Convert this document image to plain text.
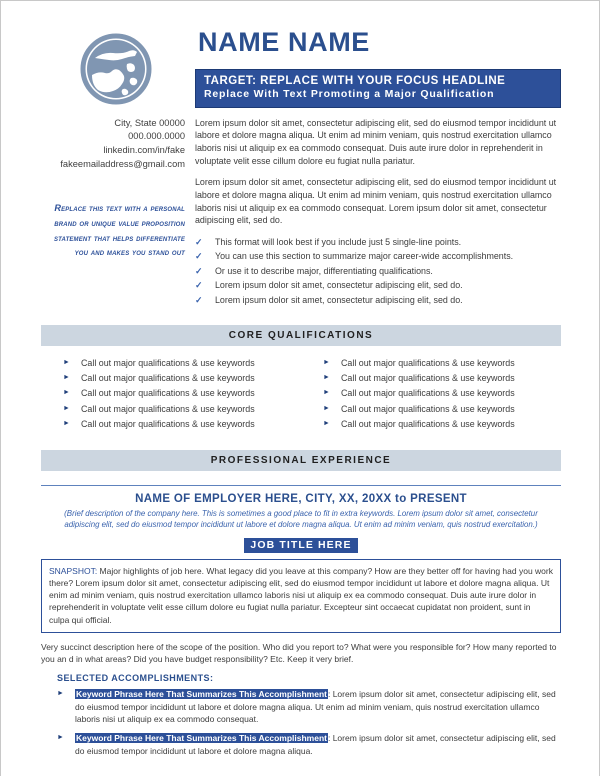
NAME NAME
TARGET: REPLACE WITH YOUR FOCUS HEADLINE
Replace With Text Promoting a Major Qualification
City, State 00000
000.000.0000
linkedin.com/in/fake
fakeemailaddress@gmail.com
Replace this text with a personal brand or unique value proposition statement that helps differentiate you and makes you stand out
Lorem ipsum dolor sit amet, consectetur adipiscing elit, sed do eiusmod tempor incididunt ut labore et dolore magna aliqua. Ut enim ad minim veniam, quis nostrud exercitation ullamco laboris nisi ut aliquip ex ea commodo consequat. Duis aute irure dolor in reprehenderit in voluptate velit esse cillum dolore eu fugiat nulla pariatur.
Lorem ipsum dolor sit amet, consectetur adipiscing elit, sed do eiusmod tempor incididunt ut labore et dolore magna aliqua. Ut enim ad minim veniam, quis nostrud exercitation ullamco laboris nisi ut aliquip ex ea commodo consequat. Lorem ipsum dolor sit amet, consectetur adipiscing elit, sed do.
✓	This format will look best if you include just 5 single-line points.
✓	You can use this section to summarize major career-wide accomplishments.
✓	Or use it to describe major, differentiating qualifications.
✓	Lorem ipsum dolor sit amet, consectetur adipiscing elit, sed do.
✓	Lorem ipsum dolor sit amet, consectetur adipiscing elit, sed do.
CORE QUALIFICATIONS
►	Call out major qualifications & use keywords
►	Call out major qualifications & use keywords
►	Call out major qualifications & use keywords
►	Call out major qualifications & use keywords
►	Call out major qualifications & use keywords
►	Call out major qualifications & use keywords
►	Call out major qualifications & use keywords
►	Call out major qualifications & use keywords
►	Call out major qualifications & use keywords
►	Call out major qualifications & use keywords
PROFESSIONAL EXPERIENCE
NAME OF EMPLOYER HERE, CITY, XX, 20XX to PRESENT
(Brief description of the company here. This is sometimes a good place to fit in extra keywords. Lorem ipsum dolor sit amet, consectetur adipiscing elit, sed do eiusmod tempor incididunt ut labore et dolore magna aliqua. Ut enim ad minim veniam, quis nostrud exercitation.)
JOB TITLE HERE
SNAPSHOT: Major highlights of job here. What legacy did you leave at this company? How are they better off for having had you work there? Lorem ipsum dolor sit amet, consectetur adipiscing elit, sed do eiusmod tempor incididunt ut labore et dolore magna aliqua. Ut enim ad minim veniam, quis nostrud exercitation ullamco laboris nisi ut aliquip ex ea commodo consequat. Duis aute irure dolor in reprehenderit in voluptate velit esse cillum dolore eu fugiat nulla pariatur. Excepteur sint occaecat cupidatat non proident, sunt in culpa qui official.
Very succinct description here of the scope of the position. Who did you report to? What were you responsible for? How many reported to you an d in what areas? Did you have budget responsibility? Etc. Keep it very brief.
SELECTED ACCOMPLISHMENTS:
►	Keyword Phrase Here That Summarizes This Accomplishment: Lorem ipsum dolor sit amet, consectetur adipiscing elit, sed do eiusmod tempor incididunt ut labore et dolore magna aliqua. Ut enim ad minim veniam, quis nostrud exercitation ullamco laboris nisi ut aliquip ex ea commodo consequat.
►	Keyword Phrase Here That Summarizes This Accomplishment: Lorem ipsum dolor sit amet, consectetur adipiscing elit, sed do eiusmod tempor incididunt ut labore et dolore magna aliqua.
